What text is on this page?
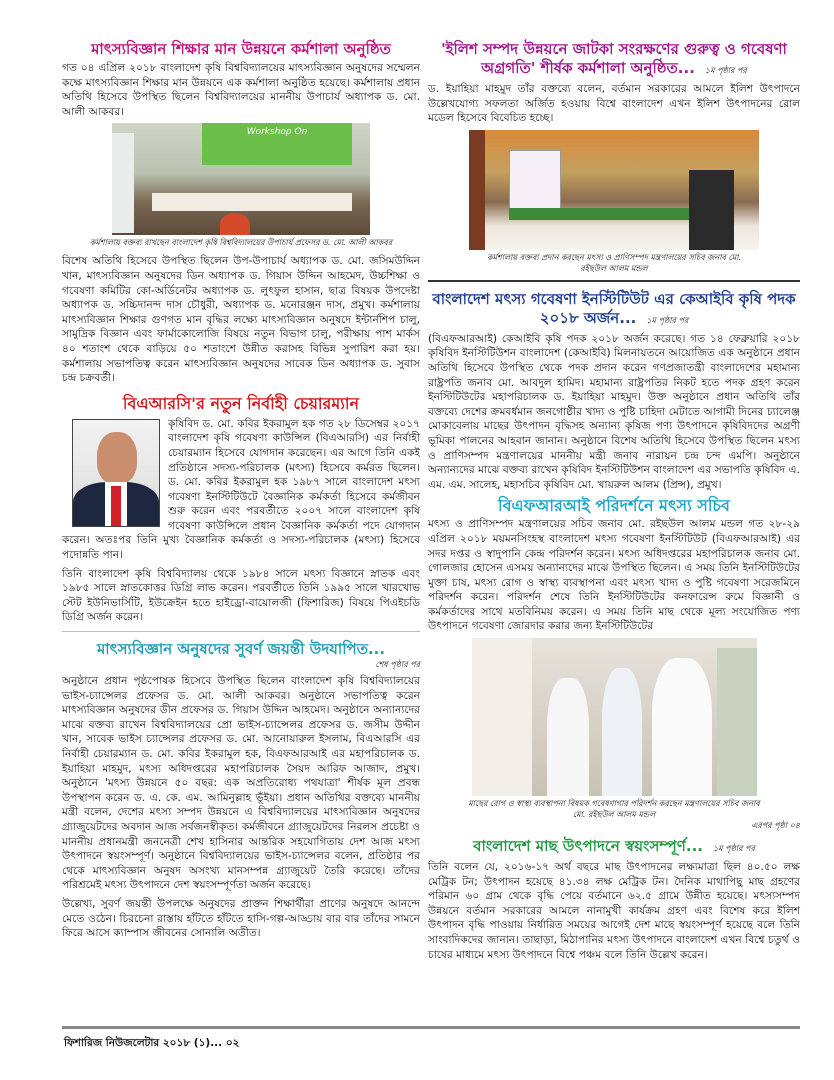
মাৎস্যবিজ্ঞান শিক্ষার মান উন্নয়নে কর্মশালা অনুষ্ঠিত

গত ০৪ এপ্রিল ২০১৮ বাংলাদেশ কৃষি বিশ্ববিদ্যালয়ের মাৎস্যবিজ্ঞান অনুষদের সম্মেলন কক্ষে মাৎস্যবিজ্ঞান শিক্ষার মান উন্নয়নে এক কর্মশালা অনুষ্ঠিত হয়েছে। কর্মশালায় প্রধান অতিথি হিসেবে উপস্থিত ছিলেন বিশ্ববিদ্যালয়ের মাননীয় উপাচার্য অধ্যাপক ড. মো. আলী আকবর।

Workshop On
কর্মশালায় বক্তব্য রাখছেন বাংলাদেশ কৃষি বিশ্ববিদ্যালয়ের উপাচার্য প্রফেসর ড. মো. আলী আকবর

বিশেষ অতিথি হিসেবে উপস্থিত ছিলেন উপ-উপাচার্য অধ্যাপক ড. মো. জসিমউদ্দিন খান, মাৎস্যবিজ্ঞান অনুষদের ডিন অধ্যাপক ড. গিয়াস উদ্দিন আহমেদ, উচ্চশিক্ষা ও গবেষণা কমিটির কো-অর্ডিনেটর অধ্যাপক ড. লুৎফুল হাসান, ছাত্র বিষয়ক উপদেষ্টা অধ্যাপক ড. সচ্চিদানন্দ দাস চৌধুরী, অধ্যাপক ড. মনোরঞ্জন দাস, প্রমুখ। কর্মশালায় মাৎস্যবিজ্ঞান শিক্ষার গুণগত মান বৃদ্ধির লক্ষ্যে মাৎস্যবিজ্ঞান অনুষদে ইন্টার্নশিপ চালু, সামুদ্রিক বিজ্ঞান এবং ফার্মাকোলোজি বিষয়ে নতুন বিভাগ চালু, পরীক্ষায় পাশ মার্কস ৪০ শতাংশ থেকে বাড়িয়ে ৫০ শতাংশে উন্নীত করাসহ বিভিন্ন সুপারিশ করা হয়। কর্মশালায় সভাপতিত্ব করেন মাৎস্যবিজ্ঞান অনুষদের সাবেক ডিন অধ্যাপক ড. সুবাস চন্দ্র চক্রবর্তী।

বিএআরসি'র নতুন নির্বাহী চেয়ারম্যান

কৃষিবিদ ড. মো. কবির ইকরামুল হক গত ২৮ ডিসেম্বর ২০১৭ বাংলাদেশ কৃষি গবেষণা কাউন্সিল (বিএআরসি) এর নির্বাহী চেয়ারম্যান হিসেবে যোগদান করেছেন। এর আগে তিনি একই প্রতিষ্ঠানে সদস্য-পরিচালক (মৎস্য) হিসেবে কর্মরত ছিলেন। ড. মো. কবির ইকরামুল হক ১৯৮৭ সালে বাংলাদেশ মৎস্য গবেষণা ইনস্টিটিউটে বৈজ্ঞানিক কর্মকর্তা হিসেবে কর্মজীবন শুরু করেন এবং পরবর্তীতে ২০০৭ সালে বাংলাদেশ কৃষি গবেষণা কাউন্সিলে প্রধান বৈজ্ঞানিক কর্মকর্তা পদে যোগদান করেন। অতঃপর তিনি মুখ্য বৈজ্ঞানিক কর্মকর্তা ও সদস্য-পরিচালক (মৎস্য) হিসেবে পদোন্নতি পান।

তিনি বাংলাদেশ কৃষি বিশ্ববিদ্যালয় থেকে ১৯৮৪ সালে মৎস্য বিজ্ঞানে স্নাতক এবং ১৯৮৫ সালে স্নাতকোত্তর ডিগ্রি লাভ করেন। পরবর্তীতে তিনি ১৯৯৫ সালে খারখোভ স্টেট ইউনিভার্সিটি, ইউক্রেইন হতে হাইড্রো-বায়োলজী (ফিশারিজ) বিষয়ে পিএইচডি ডিগ্রি অর্জন করেন।

মাৎস্যবিজ্ঞান অনুষদের সুবর্ণ জয়ন্তী উদযাপিত...
শেষ পৃষ্ঠার পর

অনুষ্ঠানে প্রধান পৃষ্ঠপোষক হিসেবে উপস্থিত ছিলেন বাংলাদেশ কৃষি বিশ্ববিদ্যালয়ের ভাইস-চ্যান্সেলর প্রফেসর ড. মো. আলী আকবর। অনুষ্ঠানে সভাপতিত্ব করেন মাৎস্যবিজ্ঞান অনুষদের ডীন প্রফেসর ড. গিয়াস উদ্দিন আহমেদ। অনুষ্ঠানে অন্যান্যদের মাঝে বক্তব্য রাখেন বিশ্ববিদ্যালয়ের প্রো ভাইস-চ্যান্সেলর প্রফেসর ড. জসীম উদ্দীন খান, সাবেক ভাইস চ্যান্সেলর প্রফেসর ড. মো. আনোয়ারুল ইসলাম, বিএআরসি এর নির্বাহী চেয়ারম্যান ড. মো. কবির ইকরামুল হক, বিএফআরআই এর মহাপরিচালক ড. ইয়াহিয়া মাহমুদ, মৎস্য অধিদপ্তরের মহাপরিচালক সৈয়দ আরিফ আজাদ, প্রমুখ। অনুষ্ঠানে 'মৎস্য উন্নয়নে ৫০ বছর: এক অপ্রতিরোধ্য পথযাত্রা' শীর্ষক মূল প্রবন্ধ উপস্থাপন করেন ড. এ. কে. এম. আমিনুল্লাহ ভূঁইয়া। প্রধান অতিথির বক্তব্যে মাননীয় মন্ত্রী বলেন, দেশের মৎস্য সম্পদ উন্নয়নে এ বিশ্ববিদ্যালয়ের মাৎস্যবিজ্ঞান অনুষদের গ্র্যাজুয়েটদের অবদান আজ সর্বজনস্বীকৃত। কর্মজীবনে গ্র্যাজুয়েটদের নিরলস প্রচেষ্টা ও মাননীয় প্রধানমন্ত্রী জননেত্রী শেখ হাসিনার আন্তরিক সহযোগিতায় দেশ আজ মৎস্য উৎপাদনে স্বয়ংসম্পূর্ণ। অনুষ্ঠানে বিশ্ববিদ্যালয়ের ভাইস-চ্যান্সেলর বলেন, প্রতিষ্ঠার পর থেকে মাৎস্যবিজ্ঞান অনুষদ অসংখ্য মানসম্পন্ন গ্র্যাজুয়েট তৈরি করেছে। তাঁদের পরিশ্রমেই মৎস্য উৎপাদনে দেশ স্বয়ংসম্পূর্ণতা অর্জন করেছে।

উল্লেখ্য, সুবর্ণ জয়ন্তী উপলক্ষে অনুষদের প্রাক্তন শিক্ষার্থীরা প্রাণের অনুষদে আনন্দে মেতে ওঠেন। চিরচেনা রাস্তায় হাঁটতে হাঁটতে হাসি-গল্প-আড্ডায় বার বার তাঁদের সামনে ফিরে আসে ক্যাম্পাস জীবনের সোনালি অতীত।

'ইলিশ সম্পদ উন্নয়নে জাটকা সংরক্ষণের গুরুত্ব ও গবেষণা অগ্রগতি' শীর্ষক কর্মশালা অনুষ্ঠিত... ১ম পৃষ্ঠার পর

ড. ইয়াহিয়া মাহমুদ তাঁর বক্তব্যে বলেন, বর্তমান সরকারের আমলে ইলিশ উৎপাদনে উল্লেখযোগ্য সফলতা অর্জিত হওয়ায় বিশ্বে বাংলাদেশ এখন ইলিশ উৎপাদনের রোল মডেল হিসেবে বিবেচিত হচ্ছে।

কর্মশালায় বক্তব্য প্রদান করছেন মৎস্য ও প্রাণিসম্পদ মন্ত্রণালয়ের সচিব জনাব মো. রইছউল আলম মন্ডল
বাংলাদেশ মৎস্য গবেষণা ইনস্টিটিউট এর কেআইবি কৃষি পদক ২০১৮ অর্জন... ১ম পৃষ্ঠার পর

(বিএফআরআই) কেআইবি কৃষি পদক ২০১৮ অর্জন করেছে। গত ১৪ ফেব্রুয়ারি ২০১৮ কৃষিবিদ ইনস্টিটিউশন বাংলাদেশ (কেআইবি) মিলনায়তনে আয়োজিত এক অনুষ্ঠানে প্রধান অতিথি হিসেবে উপস্থিত থেকে পদক প্রদান করেন গণপ্রজাতন্ত্রী বাংলাদেশের মহামান্য রাষ্ট্রপতি জনাব মো. আবদুল হামিদ। মহামান্য রাষ্ট্রপতির নিকট হতে পদক গ্রহণ করেন ইনস্টিটিউটের মহাপরিচালক ড. ইয়াহিয়া মাহমুদ। উক্ত অনুষ্ঠানে প্রধান অতিথি তাঁর বক্তব্যে দেশের ক্রমবর্ধমান জনগোষ্ঠীর খাদ্য ও পুষ্টি চাহিদা মেটাতে আগামী দিনের চ্যালেঞ্জ মোকাবেলায় মাছের উৎপাদন বৃদ্ধিসহ অন্যান্য কৃষিজ পণ্য উৎপাদনে কৃষিবিদদের অগ্রণী ভূমিকা পালনের আহবান জানান। অনুষ্ঠানে বিশেষ অতিথি হিসেবে উপস্থিত ছিলেন মৎস্য ও প্রাণিসম্পদ মন্ত্রণালয়ের মাননীয় মন্ত্রী জনাব নারায়ন চন্দ্র চন্দ এমপি। অনুষ্ঠানে অন্যান্যদের মাঝে বক্তব্য রাখেন কৃষিবিদ ইনস্টিটিউশন বাংলাদেশ এর সভাপতি কৃষিবিদ এ. এম. এম. সালেহ, মহাসচিব কৃষিবিদ মো. খায়রুল আলম (প্রিন্স), প্রমুখ।

বিএফআরআই পরিদর্শনে মৎস্য সচিব

মৎস্য ও প্রাণিসম্পদ মন্ত্রণালয়ের সচিব জনাব মো. রইছউল আলম মন্ডল গত ২৮-২৯ এপ্রিল ২০১৮ ময়মনসিংহস্থ বাংলাদেশ মৎস্য গবেষণা ইনস্টিটিউট (বিএফআরআই) এর সদর দপ্তর ও স্বাদুপানি কেন্দ্র পরিদর্শন করেন। মৎস্য অধিদপ্তরের মহাপরিচালক জনাব মো. গোলজার হোসেন এসময় অন্যান্যদের মাঝে উপস্থিত ছিলেন। এ সময় তিনি ইনস্টিটিউটের মুক্তা চাষ, মৎস্য রোগ ও স্বাস্থ্য ব্যবস্থাপনা এবং মৎস্য খাদ্য ও পুষ্টি গবেষণা সরেজমিনে পরিদর্শন করেন। পরিদর্শন শেষে তিনি ইনস্টিটিউটের কনফারেন্স রুমে বিজ্ঞানী ও কর্মকর্তাদের সাথে মতবিনিময় করেন। এ সময় তিনি মাছ থেকে মূল্য সংযোজিত পণ্য উৎপাদনে গবেষণা জোরদার করার জন্য ইনস্টিটিউটের

মাছের রোগ ও স্বাস্থ্য ব্যবস্থাপনা বিষয়ক গবেষণাগার পরিদর্শন করছেন মন্ত্রণালয়ের সচিব জনাব মো. রইছউল আলম মন্ডল
এরপর পৃষ্ঠা ০৪
বাংলাদেশ মাছ উৎপাদনে স্বয়ংসম্পূর্ণ... ১ম পৃষ্ঠার পর

তিনি বলেন যে, ২০১৬-১৭ অর্থ বছরে মাছ উৎপাদনের লক্ষ্যমাত্রা ছিল ৪০.৫০ লক্ষ মেট্রিক টন; উৎপাদন হয়েছে ৪১.৩৪ লক্ষ মেট্রিক টন। দৈনিক মাথাপিছু মাছ গ্রহণের পরিমান ৬০ গ্রাম থেকে বৃদ্ধি পেয়ে বর্তমানে ৬২.৫ গ্রামে উন্নীত হয়েছে। মৎস্যসম্পদ উন্নয়নে বর্তমান সরকারের আমলে নানামুখী কার্যক্রম গ্রহণ এবং বিশেষ করে ইলিশ উৎপাদন বৃদ্ধি পাওয়ায় নির্ধারিত সময়ের আগেই দেশ মাছে স্বয়ংসম্পূর্ণ হয়েছে বলে তিনি সাংবাদিকদের জানান। তাছাড়া, মিঠাপানির মৎস্য উৎপাদনে বাংলাদেশ এখন বিশ্বে চতুর্থ ও চাষের মাধ্যমে মৎস্য উৎপাদনে বিশ্বে পঞ্চম বলে তিনি উল্লেখ করেন।

ফিশারিজ নিউজলেটার ২০১৮ (১)... ০২
